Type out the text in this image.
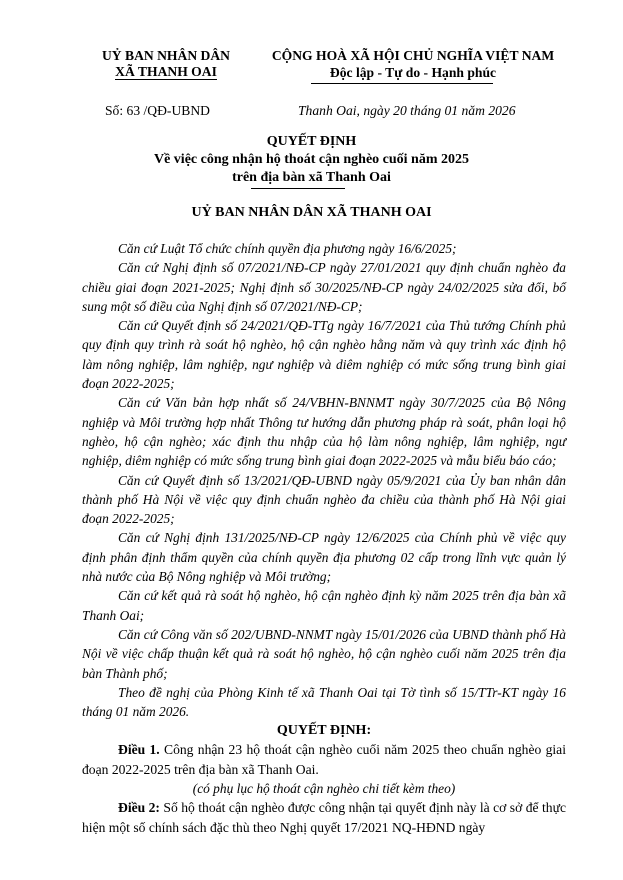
UỶ BAN NHÂN DÂN
XÃ THANH OAI
CỘNG HOÀ XÃ HỘI CHỦ NGHĨA VIỆT NAM
Độc lập - Tự do - Hạnh phúc
Số: 63 /QĐ-UBND	Thanh Oai, ngày 20 tháng 01 năm 2026
QUYẾT ĐỊNH
Về việc công nhận hộ thoát cận nghèo cuối năm 2025
trên địa bàn xã Thanh Oai
UỶ BAN NHÂN DÂN XÃ THANH OAI

Căn cứ Luật Tổ chức chính quyền địa phương ngày 16/6/2025;

Căn cứ Nghị định số 07/2021/NĐ-CP ngày 27/01/2021 quy định chuẩn nghèo đa chiều giai đoạn 2021-2025; Nghị định số 30/2025/NĐ-CP ngày 24/02/2025 sửa đổi, bổ sung một số điều của Nghị định số 07/2021/NĐ-CP;

Căn cứ Quyết định số 24/2021/QĐ-TTg ngày 16/7/2021 của Thủ tướng Chính phủ quy định quy trình rà soát hộ nghèo, hộ cận nghèo hằng năm và quy trình xác định hộ làm nông nghiệp, lâm nghiệp, ngư nghiệp và diêm nghiệp có mức sống trung bình giai đoạn 2022-2025;

Căn cứ Văn bản hợp nhất số 24/VBHN-BNNMT ngày 30/7/2025 của Bộ Nông nghiệp và Môi trường hợp nhất Thông tư hướng dẫn phương pháp rà soát, phân loại hộ nghèo, hộ cận nghèo; xác định thu nhập của hộ làm nông nghiệp, lâm nghiệp, ngư nghiệp, diêm nghiệp có mức sống trung bình giai đoạn 2022-2025 và mẫu biểu báo cáo;

Căn cứ Quyết định số 13/2021/QĐ-UBND ngày 05/9/2021 của Ủy ban nhân dân thành phố Hà Nội về việc quy định chuẩn nghèo đa chiều của thành phố Hà Nội giai đoạn 2022-2025;

Căn cứ Nghị định 131/2025/NĐ-CP ngày 12/6/2025 của Chính phủ về việc quy định phân định thẩm quyền của chính quyền địa phương 02 cấp trong lĩnh vực quản lý nhà nước của Bộ Nông nghiệp và Môi trường;

Căn cứ kết quả rà soát hộ nghèo, hộ cận nghèo định kỳ năm 2025 trên địa bàn xã Thanh Oai;

Căn cứ Công văn số 202/UBND-NNMT ngày 15/01/2026 của UBND thành phố Hà Nội về việc chấp thuận kết quả rà soát hộ nghèo, hộ cận nghèo cuối năm 2025 trên địa bàn Thành phố;

Theo đề nghị của Phòng Kinh tế xã Thanh Oai tại Tờ tình số 15/TTr-KT ngày 16 tháng 01 năm 2026.

QUYẾT ĐỊNH:

Điều 1. Công nhận 23 hộ thoát cận nghèo cuối năm 2025 theo chuẩn nghèo giai đoạn 2022-2025 trên địa bàn xã Thanh Oai.

(có phụ lục hộ thoát cận nghèo chi tiết kèm theo)

Điều 2: Số hộ thoát cận nghèo được công nhận tại quyết định này là cơ sở để thực hiện một số chính sách đặc thù theo Nghị quyết 17/2021 NQ-HĐND ngày
